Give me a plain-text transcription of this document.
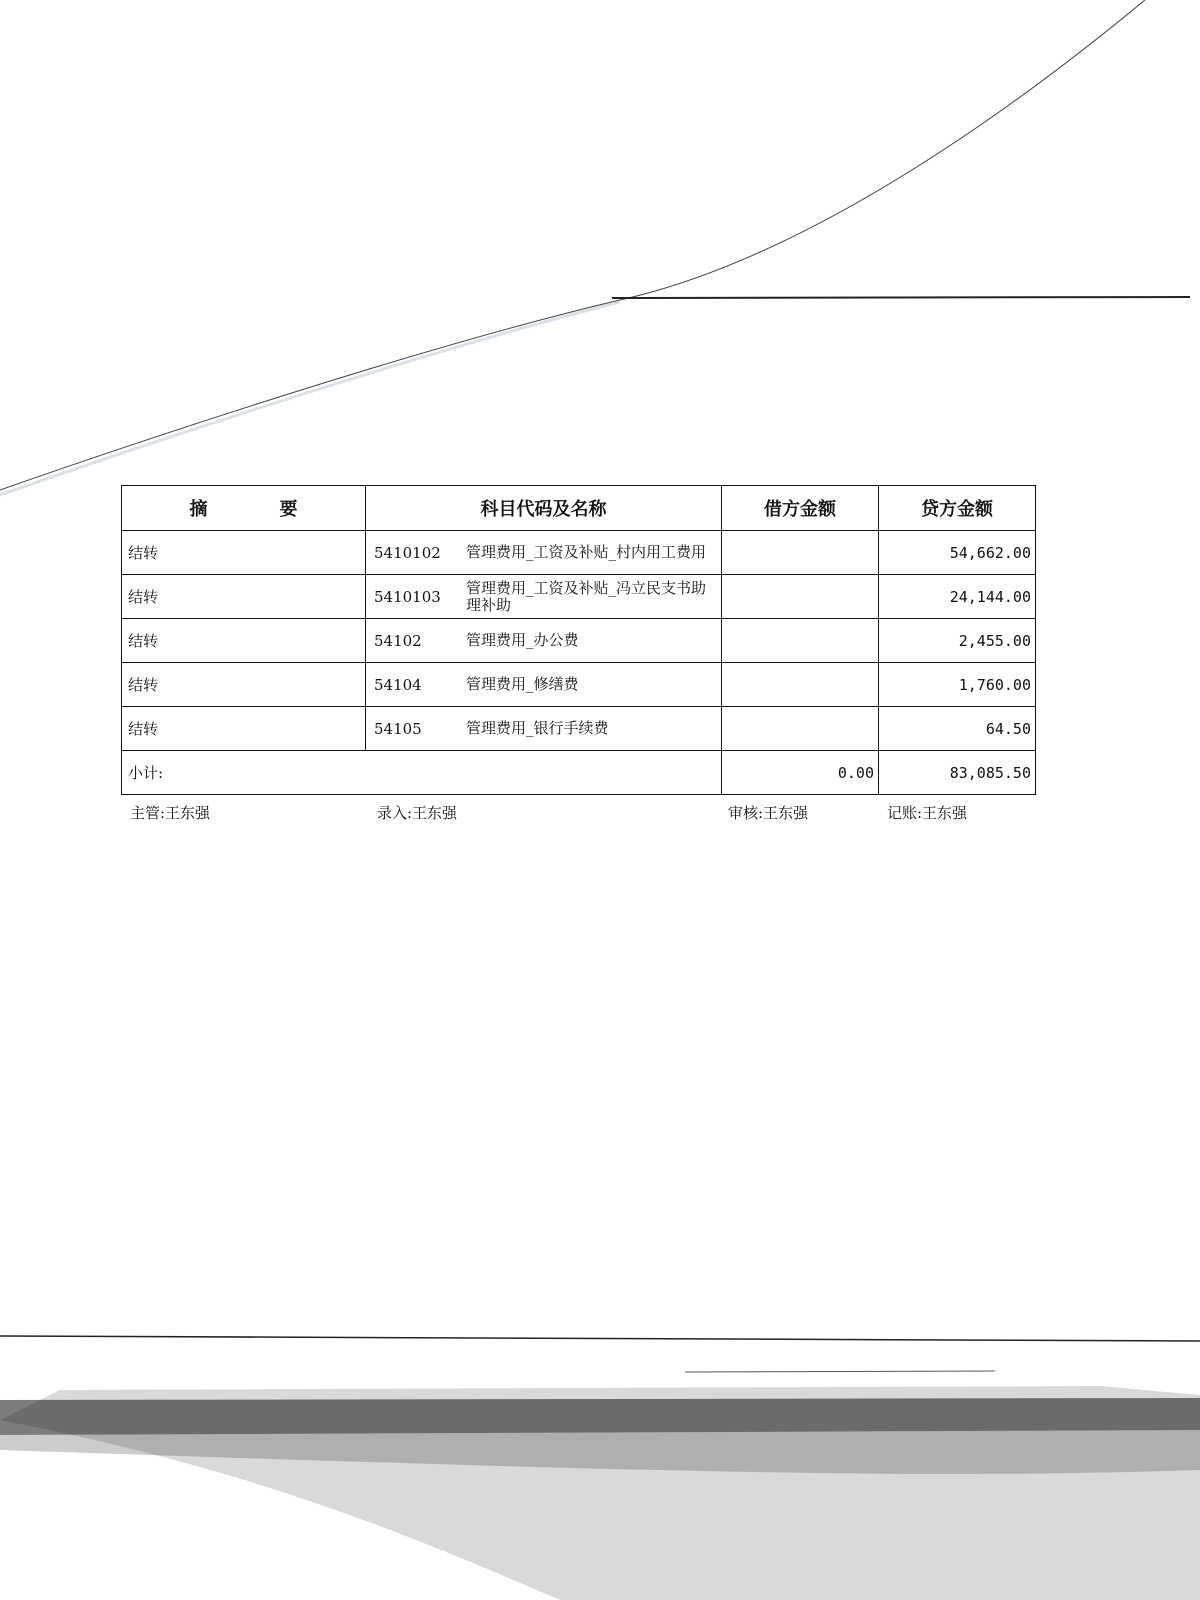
摘　　　　要	科目代码及名称	借方金额	贷方金额
结转	5410102 管理费用_工资及补贴_村内用工费用		54,662.00
结转	5410103 管理费用_工资及补贴_冯立民支书助理补助		24,144.00
结转	54102 管理费用_办公费		2,455.00
结转	54104 管理费用_修缮费		1,760.00
结转	54105 管理费用_银行手续费		64.50
小计:		0.00	83,085.50
主管:王东强	录入:王东强	审核:王东强	记账:王东强
